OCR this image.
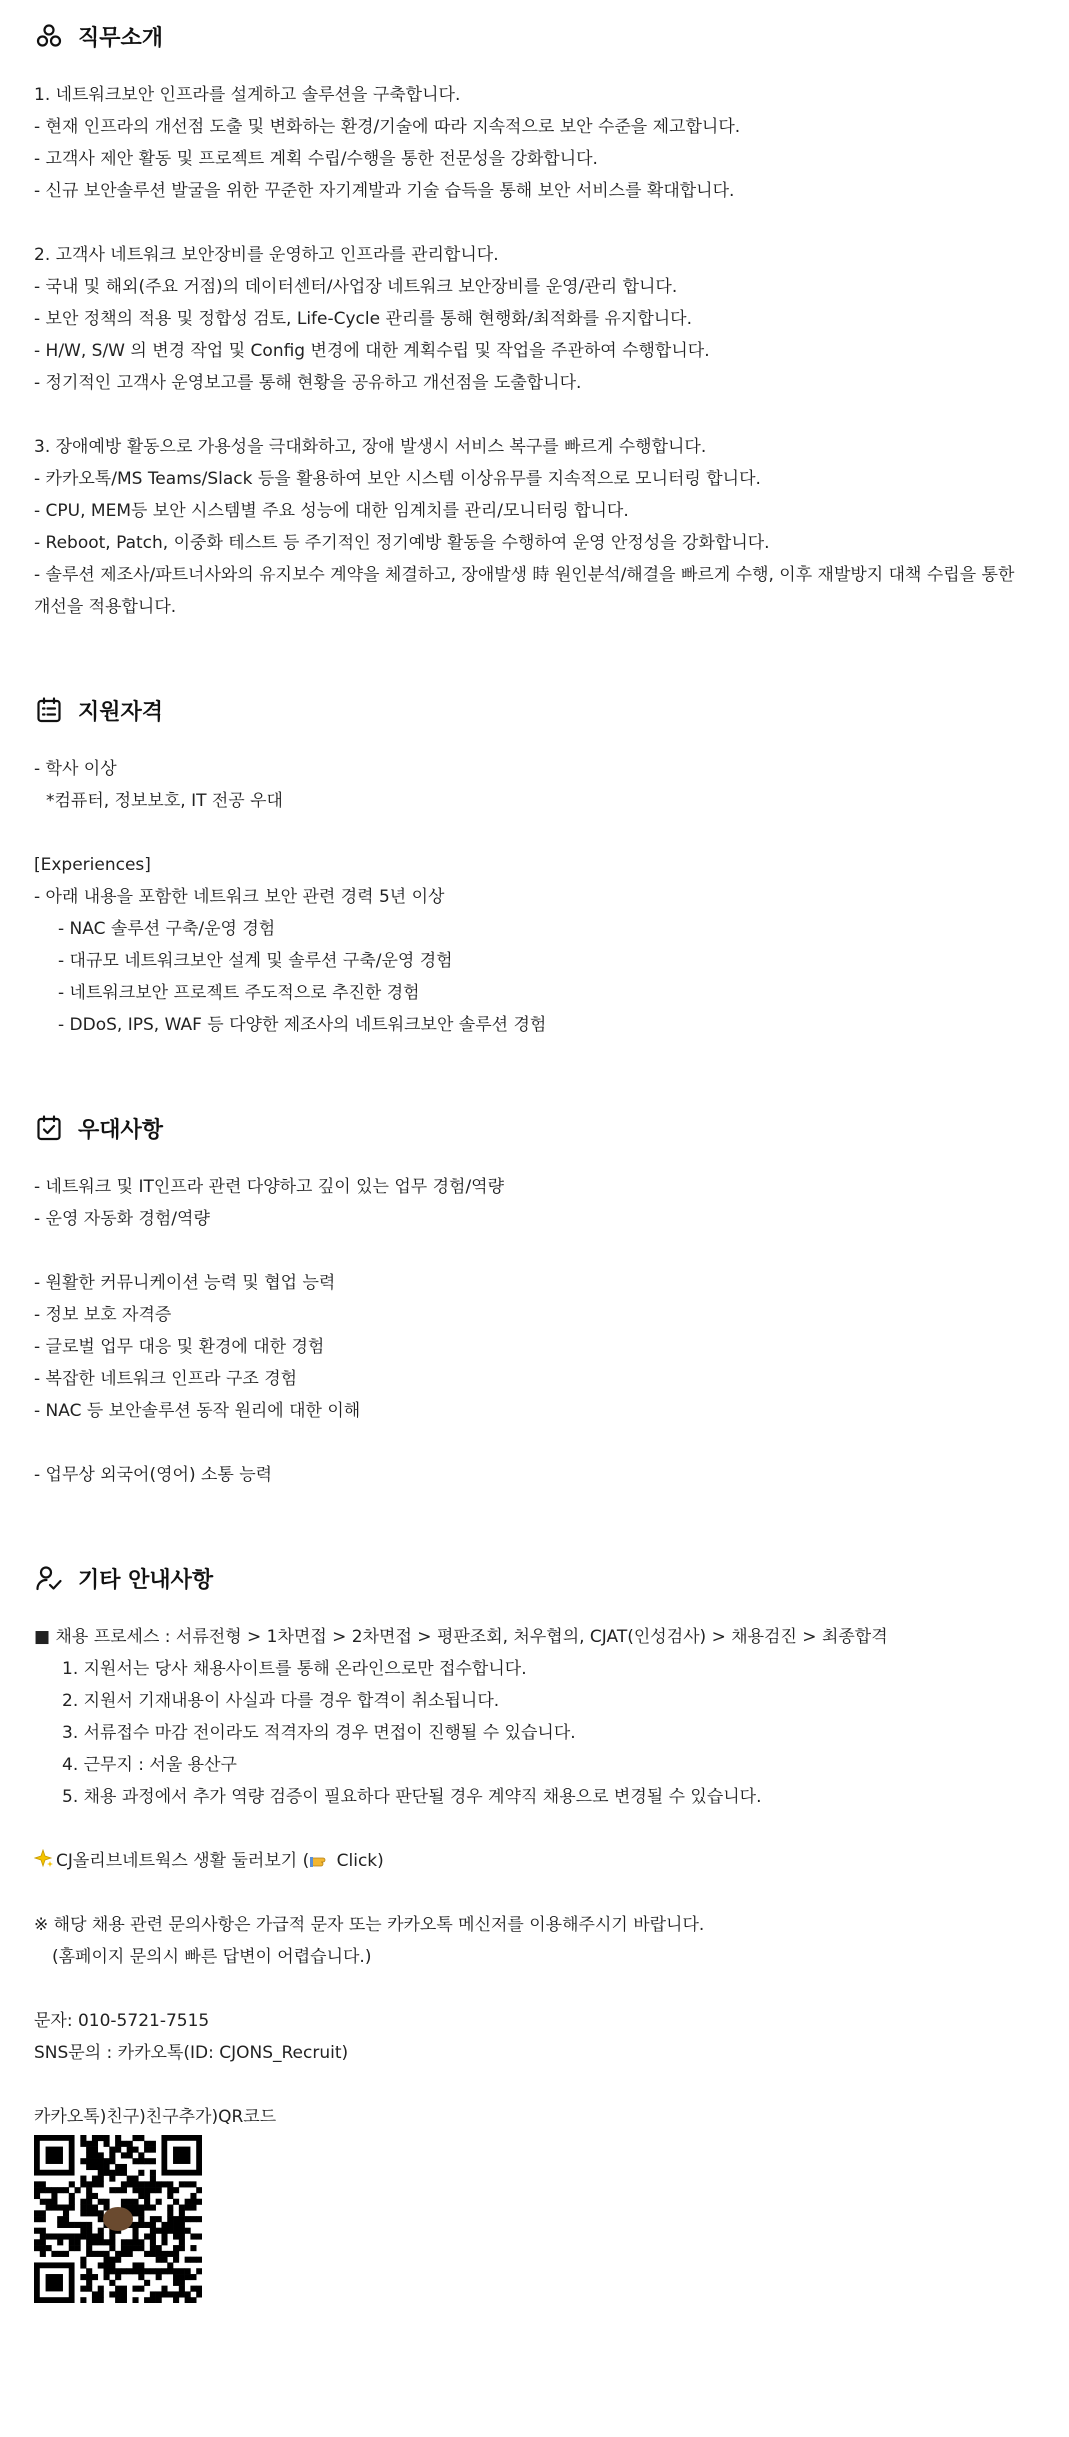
직무소개
1. 네트워크보안 인프라를 설계하고 솔루션을 구축합니다.
- 현재 인프라의 개선점 도출 및 변화하는 환경/기술에 따라 지속적으로 보안 수준을 제고합니다.
- 고객사 제안 활동 및 프로젝트 계획 수립/수행을 통한 전문성을 강화합니다.
- 신규 보안솔루션 발굴을 위한 꾸준한 자기계발과 기술 습득을 통해 보안 서비스를 확대합니다.
2. 고객사 네트워크 보안장비를 운영하고 인프라를 관리합니다.
- 국내 및 해외(주요 거점)의 데이터센터/사업장 네트워크 보안장비를 운영/관리 합니다.
- 보안 정책의 적용 및 정합성 검토, Life-Cycle 관리를 통해 현행화/최적화를 유지합니다.
- H/W, S/W 의 변경 작업 및 Config 변경에 대한 계획수립 및 작업을 주관하여 수행합니다.
- 정기적인 고객사 운영보고를 통해 현황을 공유하고 개선점을 도출합니다.
3. 장애예방 활동으로 가용성을 극대화하고, 장애 발생시 서비스 복구를 빠르게 수행합니다.
- 카카오톡/MS Teams/Slack 등을 활용하여 보안 시스템 이상유무를 지속적으로 모니터링 합니다.
- CPU, MEM등 보안 시스템별 주요 성능에 대한 임계치를 관리/모니터링 합니다.
- Reboot, Patch, 이중화 테스트 등 주기적인 정기예방 활동을 수행하여 운영 안정성을 강화합니다.
- 솔루션 제조사/파트너사와의 유지보수 계약을 체결하고, 장애발생 時 원인분석/해결을 빠르게 수행, 이후 재발방지 대책 수립을 통한 개선을 적용합니다.
지원자격
- 학사 이상
*컴퓨터, 정보보호, IT 전공 우대
[Experiences]
- 아래 내용을 포함한 네트워크 보안 관련 경력 5년 이상
- NAC 솔루션 구축/운영 경험
- 대규모 네트워크보안 설계 및 솔루션 구축/운영 경험
- 네트워크보안 프로젝트 주도적으로 추진한 경험
- DDoS, IPS, WAF 등 다양한 제조사의 네트워크보안 솔루션 경험
우대사항
- 네트워크 및 IT인프라 관련 다양하고 깊이 있는 업무 경험/역량
- 운영 자동화 경험/역량
- 원활한 커뮤니케이션 능력 및 협업 능력
- 정보 보호 자격증
- 글로벌 업무 대응 및 환경에 대한 경험
- 복잡한 네트워크 인프라 구조 경험
- NAC 등 보안솔루션 동작 원리에 대한 이해
- 업무상 외국어(영어) 소통 능력
기타 안내사항
■ 채용 프로세스 : 서류전형 > 1차면접 > 2차면접 > 평판조회, 처우협의, CJAT(인성검사) > 채용검진 > 최종합격
1. 지원서는 당사 채용사이트를 통해 온라인으로만 접수합니다.
2. 지원서 기재내용이 사실과 다를 경우 합격이 취소됩니다.
3. 서류접수 마감 전이라도 적격자의 경우 면접이 진행될 수 있습니다.
4. 근무지 : 서울 용산구
5. 채용 과정에서 추가 역량 검증이 필요하다 판단될 경우 계약직 채용으로 변경될 수 있습니다.
CJ올리브네트웍스 생활 둘러보기 ( Click)
※ 해당 채용 관련 문의사항은 가급적 문자 또는 카카오톡 메신저를 이용해주시기 바랍니다.
(홈페이지 문의시 빠른 답변이 어렵습니다.)
문자: 010-5721-7515
SNS문의 : 카카오톡(ID: CJONS_Recruit)
카카오톡)친구)친구추가)QR코드
